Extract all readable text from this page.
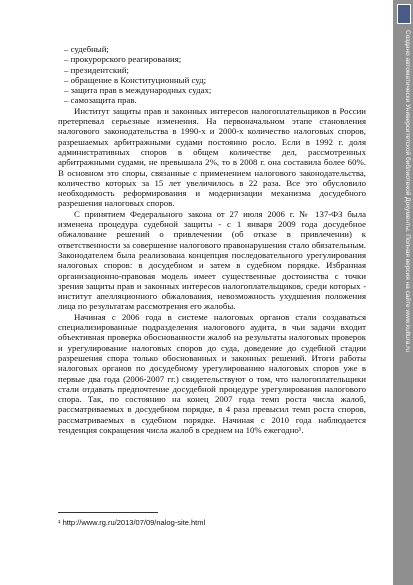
– судебный;
– прокурорского реагирования;
– президентский;
– обращение в Конституционный суд;
– защита прав в международных судах;
– самозащита прав.

Институт защиты прав и законных интересов налогоплательщиков в России претерпевал серьезные изменения. На первоначальном этапе становления налогового законодательства в 1990-х и 2000-х количество налоговых споров, разрешаемых арбитражными судами постоянно росло. Если в 1992 г. доля административных споров в общем количестве дел, рассмотренных арбитражными судами, не превышала 2%, то в 2008 г. она составила более 60%. В основном это споры, связанные с применением налогового законодательства, количество которых за 15 лет увеличилось в 22 раза. Все это обусловило необходимость реформирования и модернизации механизма досудебного разрешения налоговых споров.

С принятием Федерального закона от 27 июля 2006 г. № 137-ФЗ была изменена процедура судебной защиты - с 1 января 2009 года досудебное обжалование решений о привлечении (об отказе в привлечении) к ответственности за совершение налогового правонарушения стало обязательным. Законодателем была реализована концепция последовательного урегулирования налоговых споров: в досудебном и затем в судебном порядке. Избранная организационно-правовая модель имеет существенные достоинства с точки зрения защиты прав и законных интересов налогоплательщиков, среди которых - институт апелляционного обжалования, невозможность ухудшения положения лица по результатам рассмотрения его жалобы.

Начиная с 2006 года в системе налоговых органов стали создаваться специализированные подразделения налогового аудита, в чьи задачи входит объективная проверка обоснованности жалоб на результаты налоговых проверок и урегулирование налоговых споров до суда, доведение до судебной стадии разрешения спора только обоснованных и законных решений. Итоги работы налоговых органов по досудебному урегулированию налоговых споров уже в первые два года (2006-2007 гг.) свидетельствуют о том, что налогоплательщики стали отдавать предпочтение досудебной процедуре урегулирования налогового спора. Так, по состоянию на конец 2007 года темп роста числа жалоб, рассматриваемых в досудебном порядке, в 4 раза превысил темп роста споров, рассматриваемых в судебном порядке. Начиная с 2010 года наблюдается тенденция сокращения числа жалоб в среднем на 10% ежегодно¹.

¹ http://www.rg.ru/2013/07/09/nalog-site.html
Создано автоматически Университетской библиотекой Документы. Полная версия на сайте www.kultura.ru
